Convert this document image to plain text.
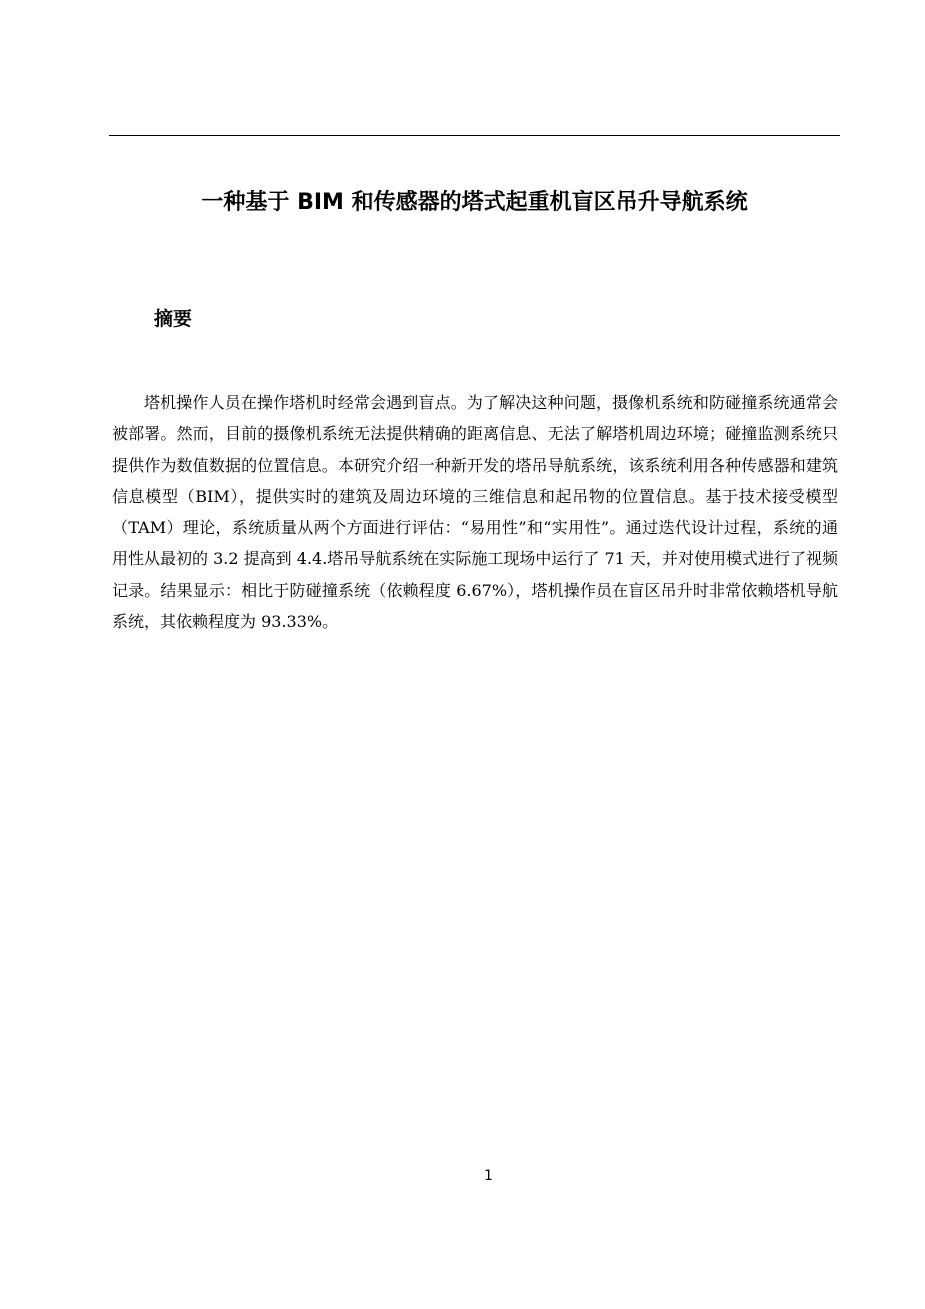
一种基于 BIM 和传感器的塔式起重机盲区吊升导航系统
摘要

塔机操作人员在操作塔机时经常会遇到盲点。为了解决这种问题，摄像机系统和防碰撞系统通常会被部署。然而，目前的摄像机系统无法提供精确的距离信息、无法了解塔机周边环境；碰撞监测系统只提供作为数值数据的位置信息。本研究介绍一种新开发的塔吊导航系统，该系统利用各种传感器和建筑信息模型（BIM），提供实时的建筑及周边环境的三维信息和起吊物的位置信息。基于技术接受模型（TAM）理论，系统质量从两个方面进行评估：“易用性”和“实用性”。通过迭代设计过程，系统的通用性从最初的 3.2 提高到 4.4.塔吊导航系统在实际施工现场中运行了 71 天，并对使用模式进行了视频记录。结果显示：相比于防碰撞系统（依赖程度 6.67%），塔机操作员在盲区吊升时非常依赖塔机导航系统，其依赖程度为 93.33%。

1
